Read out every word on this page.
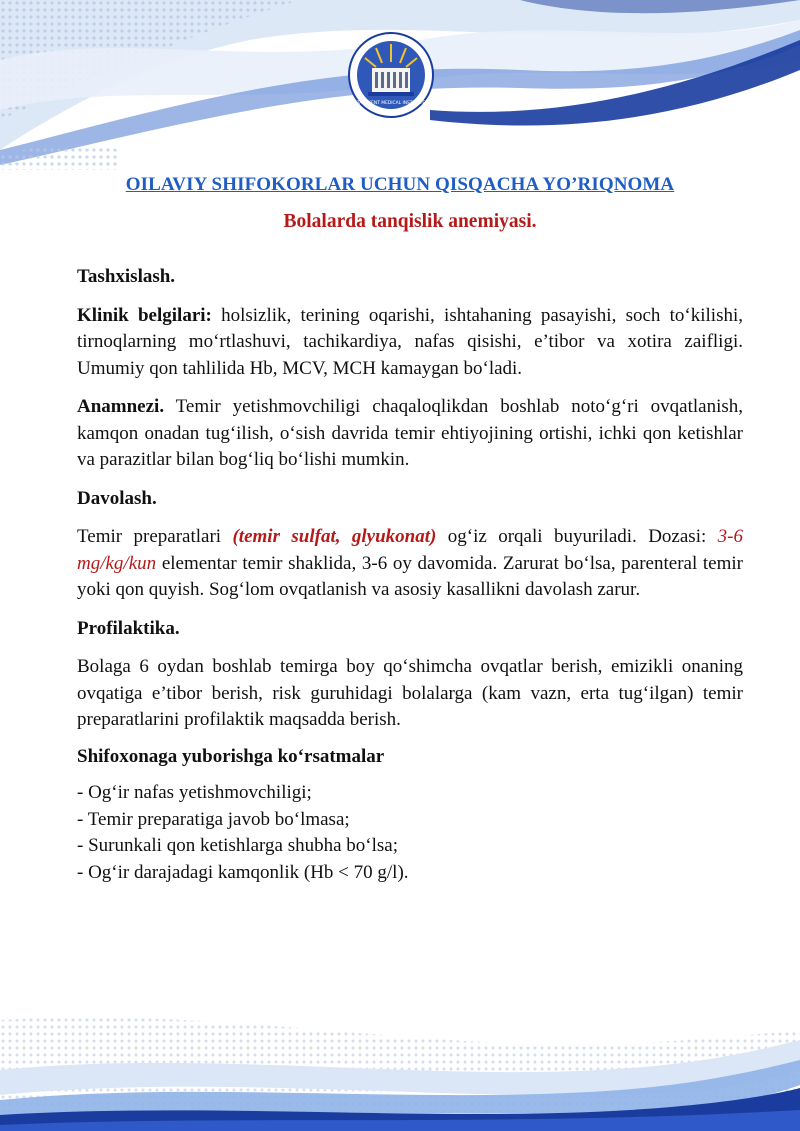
TASHKENT MEDICAL INSTITUTE
OILAVIY SHIFOKORLAR UCHUN QISQACHA YO’RIQNOMA
Bolalarda tanqislik anemiyasi.

Tashxislash.

Klinik belgilari: holsizlik, terining oqarishi, ishtahaning pasayishi, soch to‘kilishi, tirnoqlarning mo‘rtlashuvi, tachikardiya, nafas qisishi, e’tibor va xotira zaifligi. Umumiy qon tahlilida Hb, MCV, MCH kamaygan bo‘ladi.

Anamnezi. Temir yetishmovchiligi chaqaloqlikdan boshlab noto‘g‘ri ovqatlanish, kamqon onadan tug‘ilish, o‘sish davrida temir ehtiyojining ortishi, ichki qon ketishlar va parazitlar bilan bog‘liq bo‘lishi mumkin.

Davolash.

Temir preparatlari (temir sulfat, glyukonat) og‘iz orqali buyuriladi. Dozasi: 3-6 mg/kg/kun elementar temir shaklida, 3-6 oy davomida. Zarurat bo‘lsa, parenteral temir yoki qon quyish. Sog‘lom ovqatlanish va asosiy kasallikni davolash zarur.

Profilaktika.

Bolaga 6 oydan boshlab temirga boy qo‘shimcha ovqatlar berish, emizikli onaning ovqatiga e’tibor berish, risk guruhidagi bolalarga (kam vazn, erta tug‘ilgan) temir preparatlarini profilaktik maqsadda berish.

Shifoxonaga yuborishga ko‘rsatmalar

- Og‘ir nafas yetishmovchiligi;
- Temir preparatiga javob bo‘lmasa;
- Surunkali qon ketishlarga shubha bo‘lsa;
- Og‘ir darajadagi kamqonlik (Hb < 70 g/l).
